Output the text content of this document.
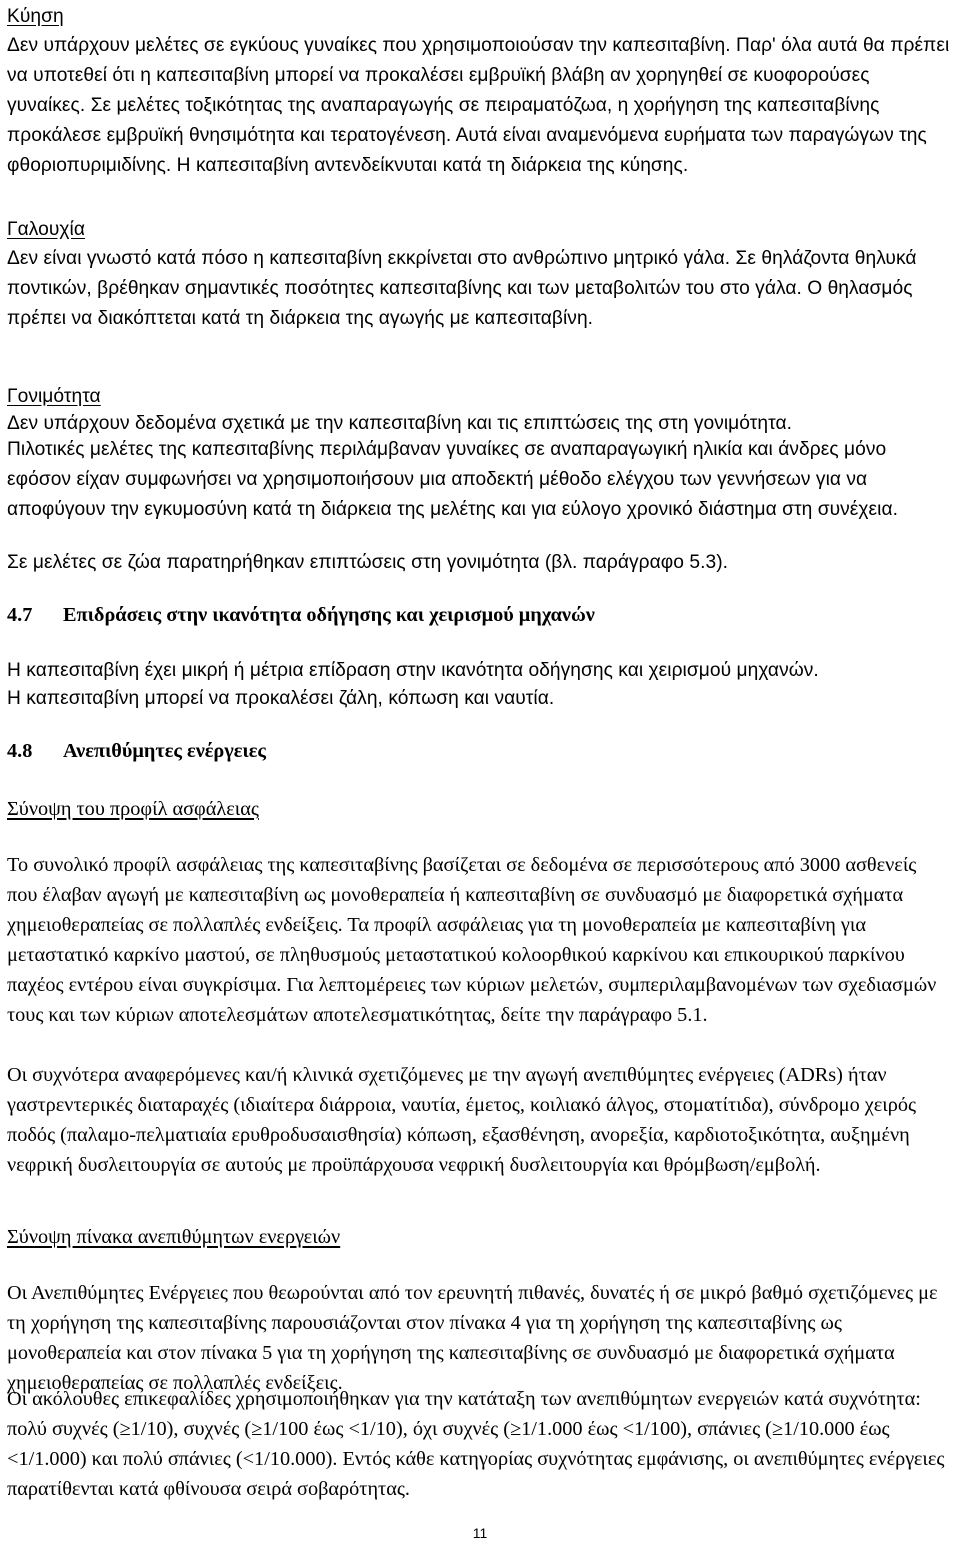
Κύηση

Δεν υπάρχουν μελέτες σε εγκύους γυναίκες που χρησιμοποιούσαν την καπεσιταβίνη. Παρ' όλα αυτά θα πρέπει να υποτεθεί ότι η καπεσιταβίνη μπορεί να προκαλέσει εμβρυϊκή βλάβη αν χορηγηθεί σε κυοφορούσες γυναίκες. Σε μελέτες τοξικότητας της αναπαραγωγής σε πειραματόζωα, η χορήγηση της καπεσιταβίνης προκάλεσε εμβρυϊκή θνησιμότητα και τερατογένεση. Αυτά είναι αναμενόμενα ευρήματα των παραγώγων της φθοριοπυριμιδίνης. Η καπεσιταβίνη αντενδείκνυται κατά τη διάρκεια της κύησης.

Γαλουχία

Δεν είναι γνωστό κατά πόσο η καπεσιταβίνη εκκρίνεται στο ανθρώπινο μητρικό γάλα. Σε θηλάζοντα θηλυκά ποντικών, βρέθηκαν σημαντικές ποσότητες καπεσιταβίνης και των μεταβολιτών του στο γάλα. Ο θηλασμός πρέπει να διακόπτεται κατά τη διάρκεια της αγωγής με καπεσιταβίνη.

Γονιμότητα

Δεν υπάρχουν δεδομένα σχετικά με την καπεσιταβίνη και τις επιπτώσεις της στη γονιμότητα.

Πιλοτικές μελέτες της καπεσιταβίνης περιλάμβαναν γυναίκες σε αναπαραγωγική ηλικία και άνδρες μόνο εφόσον είχαν συμφωνήσει να χρησιμοποιήσουν μια αποδεκτή μέθοδο ελέγχου των γεννήσεων για να αποφύγουν την εγκυμοσύνη κατά τη διάρκεια της μελέτης και για εύλογο χρονικό διάστημα στη συνέχεια.

Σε μελέτες σε ζώα παρατηρήθηκαν επιπτώσεις στη γονιμότητα (βλ. παράγραφο 5.3).

4.7 Επιδράσεις στην ικανότητα οδήγησης και χειρισμού μηχανών

Η καπεσιταβίνη έχει μικρή ή μέτρια επίδραση στην ικανότητα οδήγησης και χειρισμού μηχανών.

Η καπεσιταβίνη μπορεί να προκαλέσει ζάλη, κόπωση και ναυτία.

4.8 Ανεπιθύμητες ενέργειες

Σύνοψη του προφίλ ασφάλειας

Το συνολικό προφίλ ασφάλειας της καπεσιταβίνης βασίζεται σε δεδομένα σε περισσότερους από 3000 ασθενείς που έλαβαν αγωγή με καπεσιταβίνη ως μονοθεραπεία ή καπεσιταβίνη σε συνδυασμό με διαφορετικά σχήματα χημειοθεραπείας σε πολλαπλές ενδείξεις. Τα προφίλ ασφάλειας για τη μονοθεραπεία με καπεσιταβίνη για μεταστατικό καρκίνο μαστού, σε πληθυσμούς μεταστατικού κολοορθικού καρκίνου και επικουρικού παρκίνου παχέος εντέρου είναι συγκρίσιμα. Για λεπτομέρειες των κύριων μελετών, συμπεριλαμβανομένων των σχεδιασμών τους και των κύριων αποτελεσμάτων αποτελεσματικότητας, δείτε την παράγραφο 5.1.

Οι συχνότερα αναφερόμενες και/ή κλινικά σχετιζόμενες με την αγωγή ανεπιθύμητες ενέργειες (ADRs) ήταν γαστρεντερικές διαταραχές (ιδιαίτερα διάρροια, ναυτία, έμετος, κοιλιακό άλγος, στοματίτιδα), σύνδρομο χειρός ποδός (παλαμο-πελματιαία ερυθροδυσαισθησία) κόπωση, εξασθένηση, ανορεξία, καρδιοτοξικότητα, αυξημένη νεφρική δυσλειτουργία σε αυτούς με προϋπάρχουσα νεφρική δυσλειτουργία και θρόμβωση/εμβολή.

Σύνοψη πίνακα ανεπιθύμητων ενεργειών

Οι Ανεπιθύμητες Ενέργειες που θεωρούνται από τον ερευνητή πιθανές, δυνατές ή σε μικρό βαθμό σχετιζόμενες με τη χορήγηση της καπεσιταβίνης παρουσιάζονται στον πίνακα 4 για τη χορήγηση της καπεσιταβίνης ως μονοθεραπεία και στον πίνακα 5 για τη χορήγηση της καπεσιταβίνης σε συνδυασμό με διαφορετικά σχήματα χημειοθεραπείας σε πολλαπλές ενδείξεις.

Οι ακόλουθες επικεφαλίδες χρησιμοποιήθηκαν για την κατάταξη των ανεπιθύμητων ενεργειών κατά συχνότητα: πολύ συχνές (≥1/10), συχνές (≥1/100 έως <1/10), όχι συχνές (≥1/1.000 έως <1/100), σπάνιες (≥1/10.000 έως <1/1.000) και πολύ σπάνιες (<1/10.000). Εντός κάθε κατηγορίας συχνότητας εμφάνισης, οι ανεπιθύμητες ενέργειες παρατίθενται κατά φθίνουσα σειρά σοβαρότητας.

11
